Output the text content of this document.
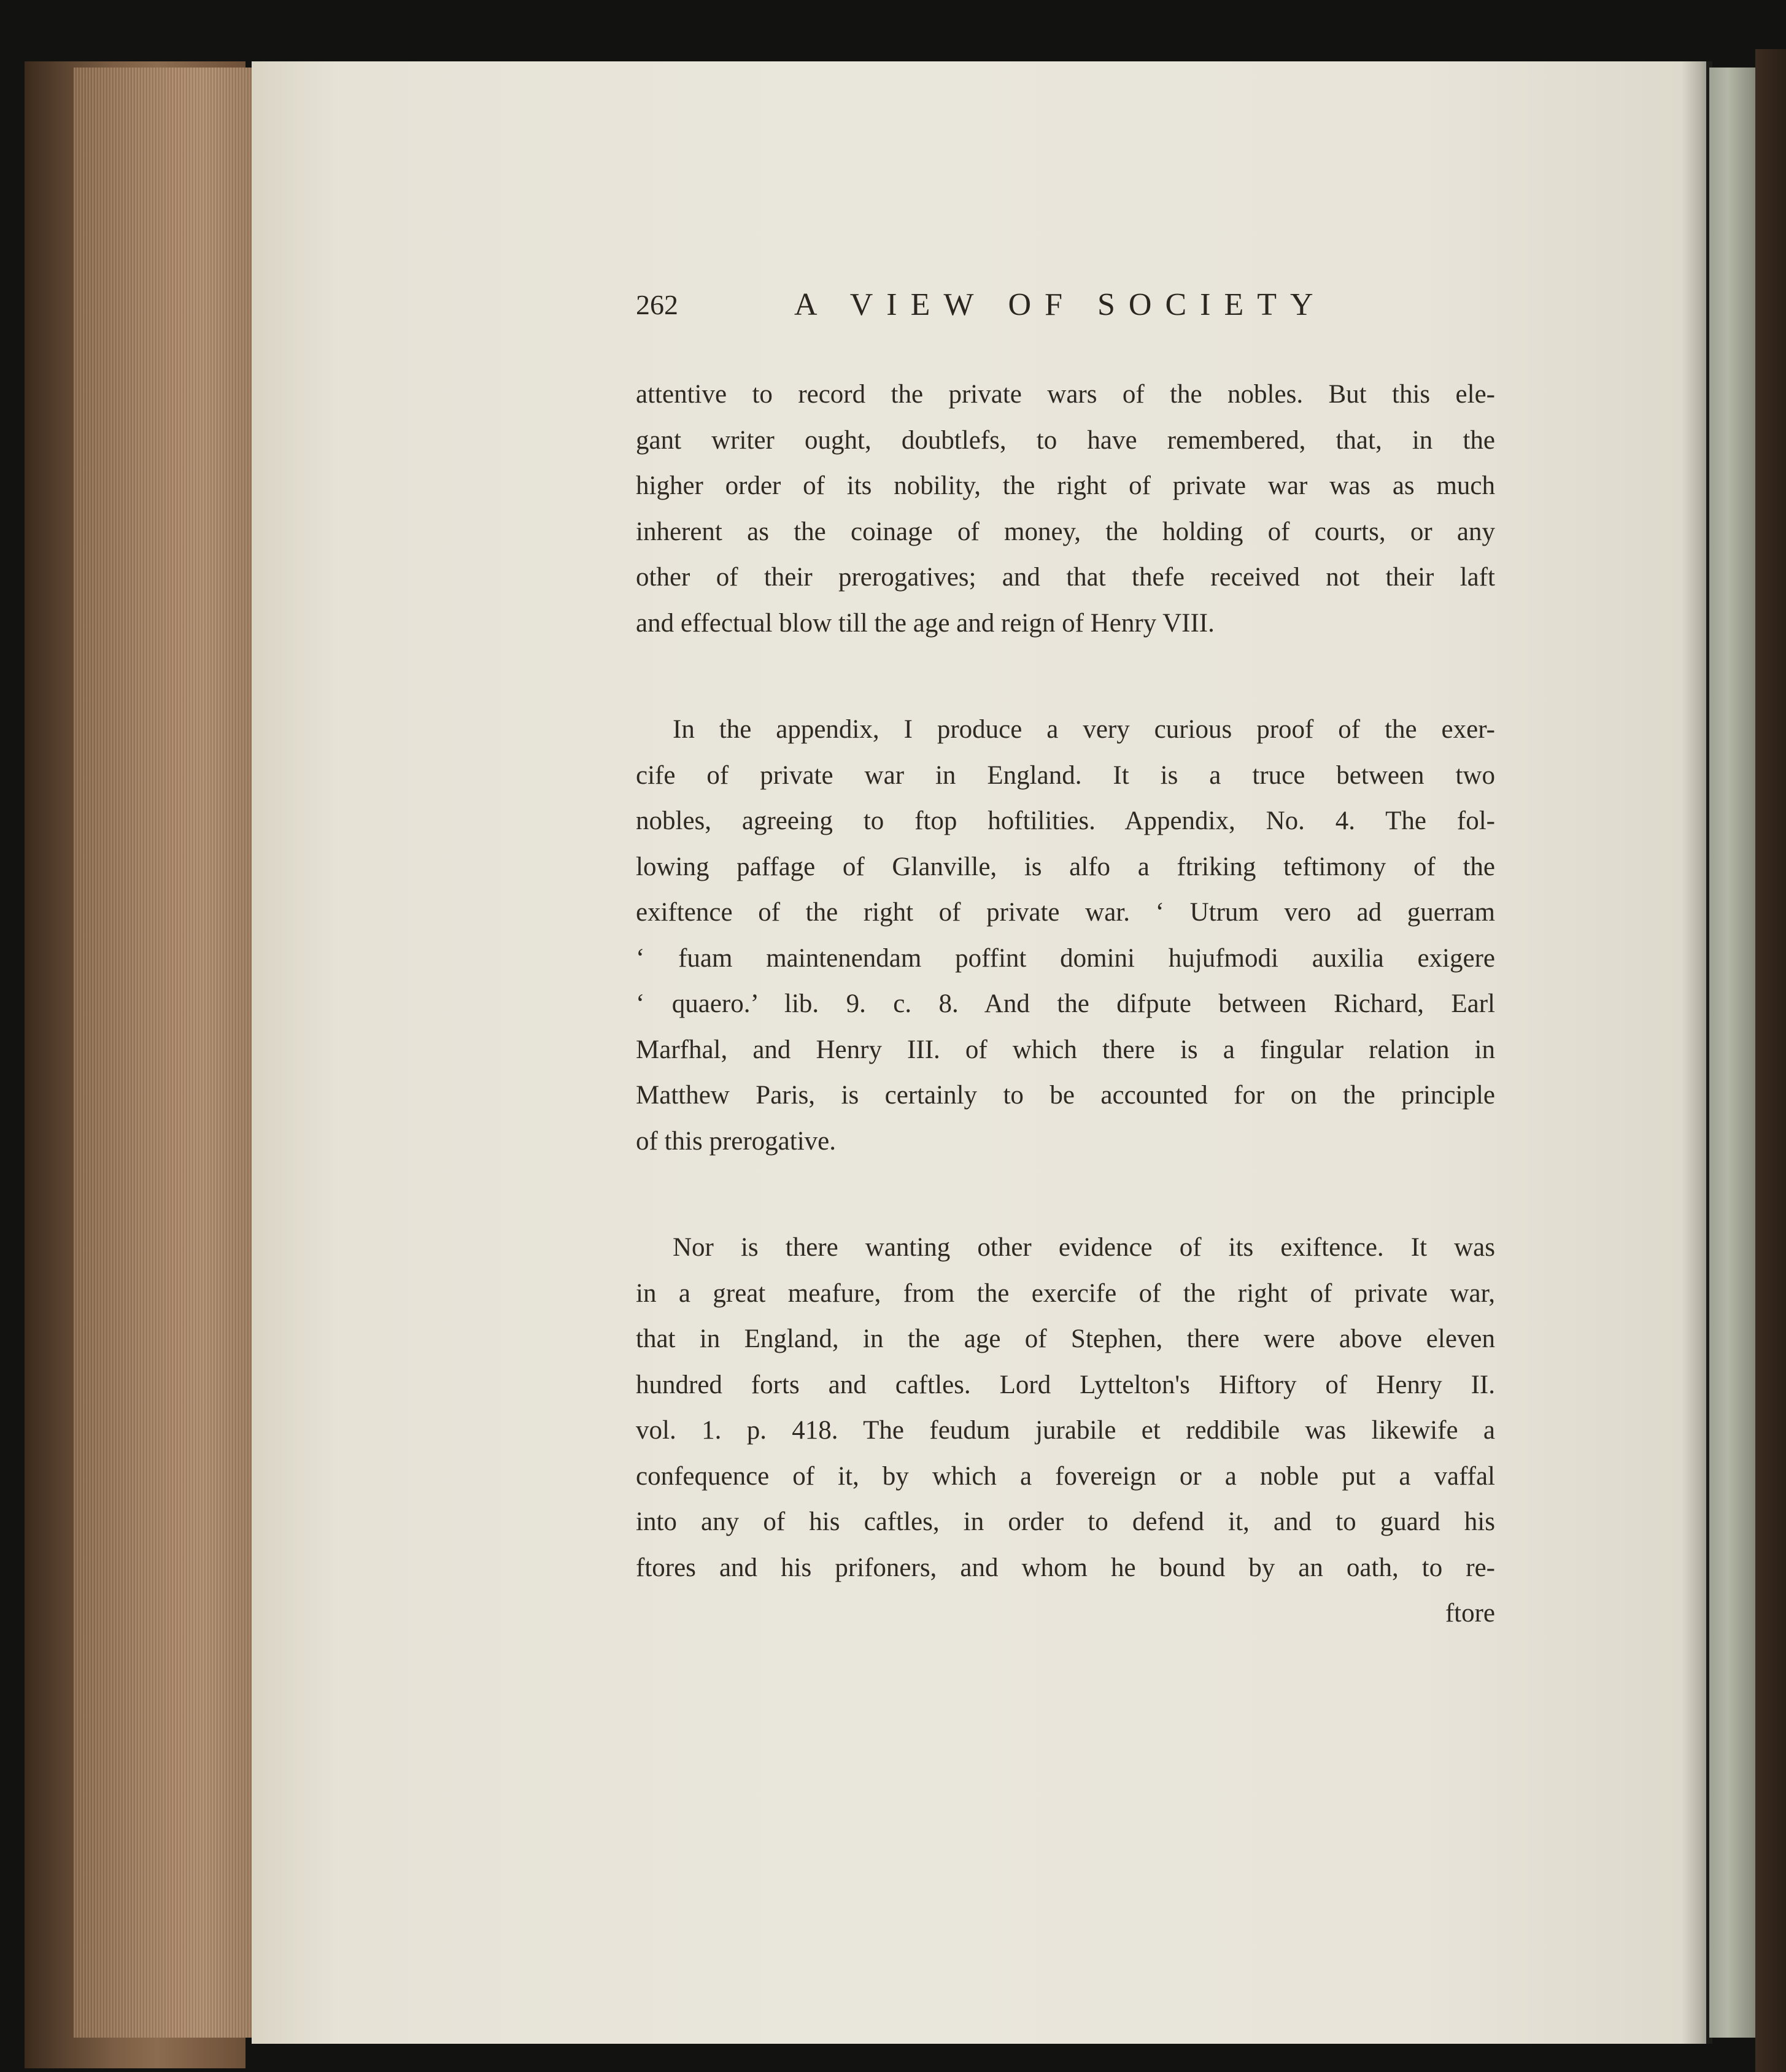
262	A VIEW OF SOCIETY
attentive to record the private wars of the nobles. But this ele-
gant writer ought, doubtlefs, to have remembered, that, in the
higher order of its nobility, the right of private war was as much
inherent as the coinage of money, the holding of courts, or any
other of their prerogatives; and that thefe received not their laft
and effectual blow till the age and reign of Henry VIII.
In the appendix, I produce a very curious proof of the exer-
cife of private war in England. It is a truce between two
nobles, agreeing to ftop hoftilities. Appendix, No. 4. The fol-
lowing paffage of Glanville, is alfo a ftriking teftimony of the
exiftence of the right of private war. ‘ Utrum vero ad guerram
‘ fuam maintenendam poffint domini hujufmodi auxilia exigere
‘ quaero.’ lib. 9. c. 8. And the difpute between Richard, Earl
Marfhal, and Henry III. of which there is a fingular relation in
Matthew Paris, is certainly to be accounted for on the principle
of this prerogative.
Nor is there wanting other evidence of its exiftence. It was
in a great meafure, from the exercife of the right of private war,
that in England, in the age of Stephen, there were above eleven
hundred forts and caftles. Lord Lyttelton's Hiftory of Henry II.
vol. 1. p. 418. The feudum jurabile et reddibile was likewife a
confequence of it, by which a fovereign or a noble put a vaffal
into any of his caftles, in order to defend it, and to guard his
ftores and his prifoners, and whom he bound by an oath, to re-
ftore
